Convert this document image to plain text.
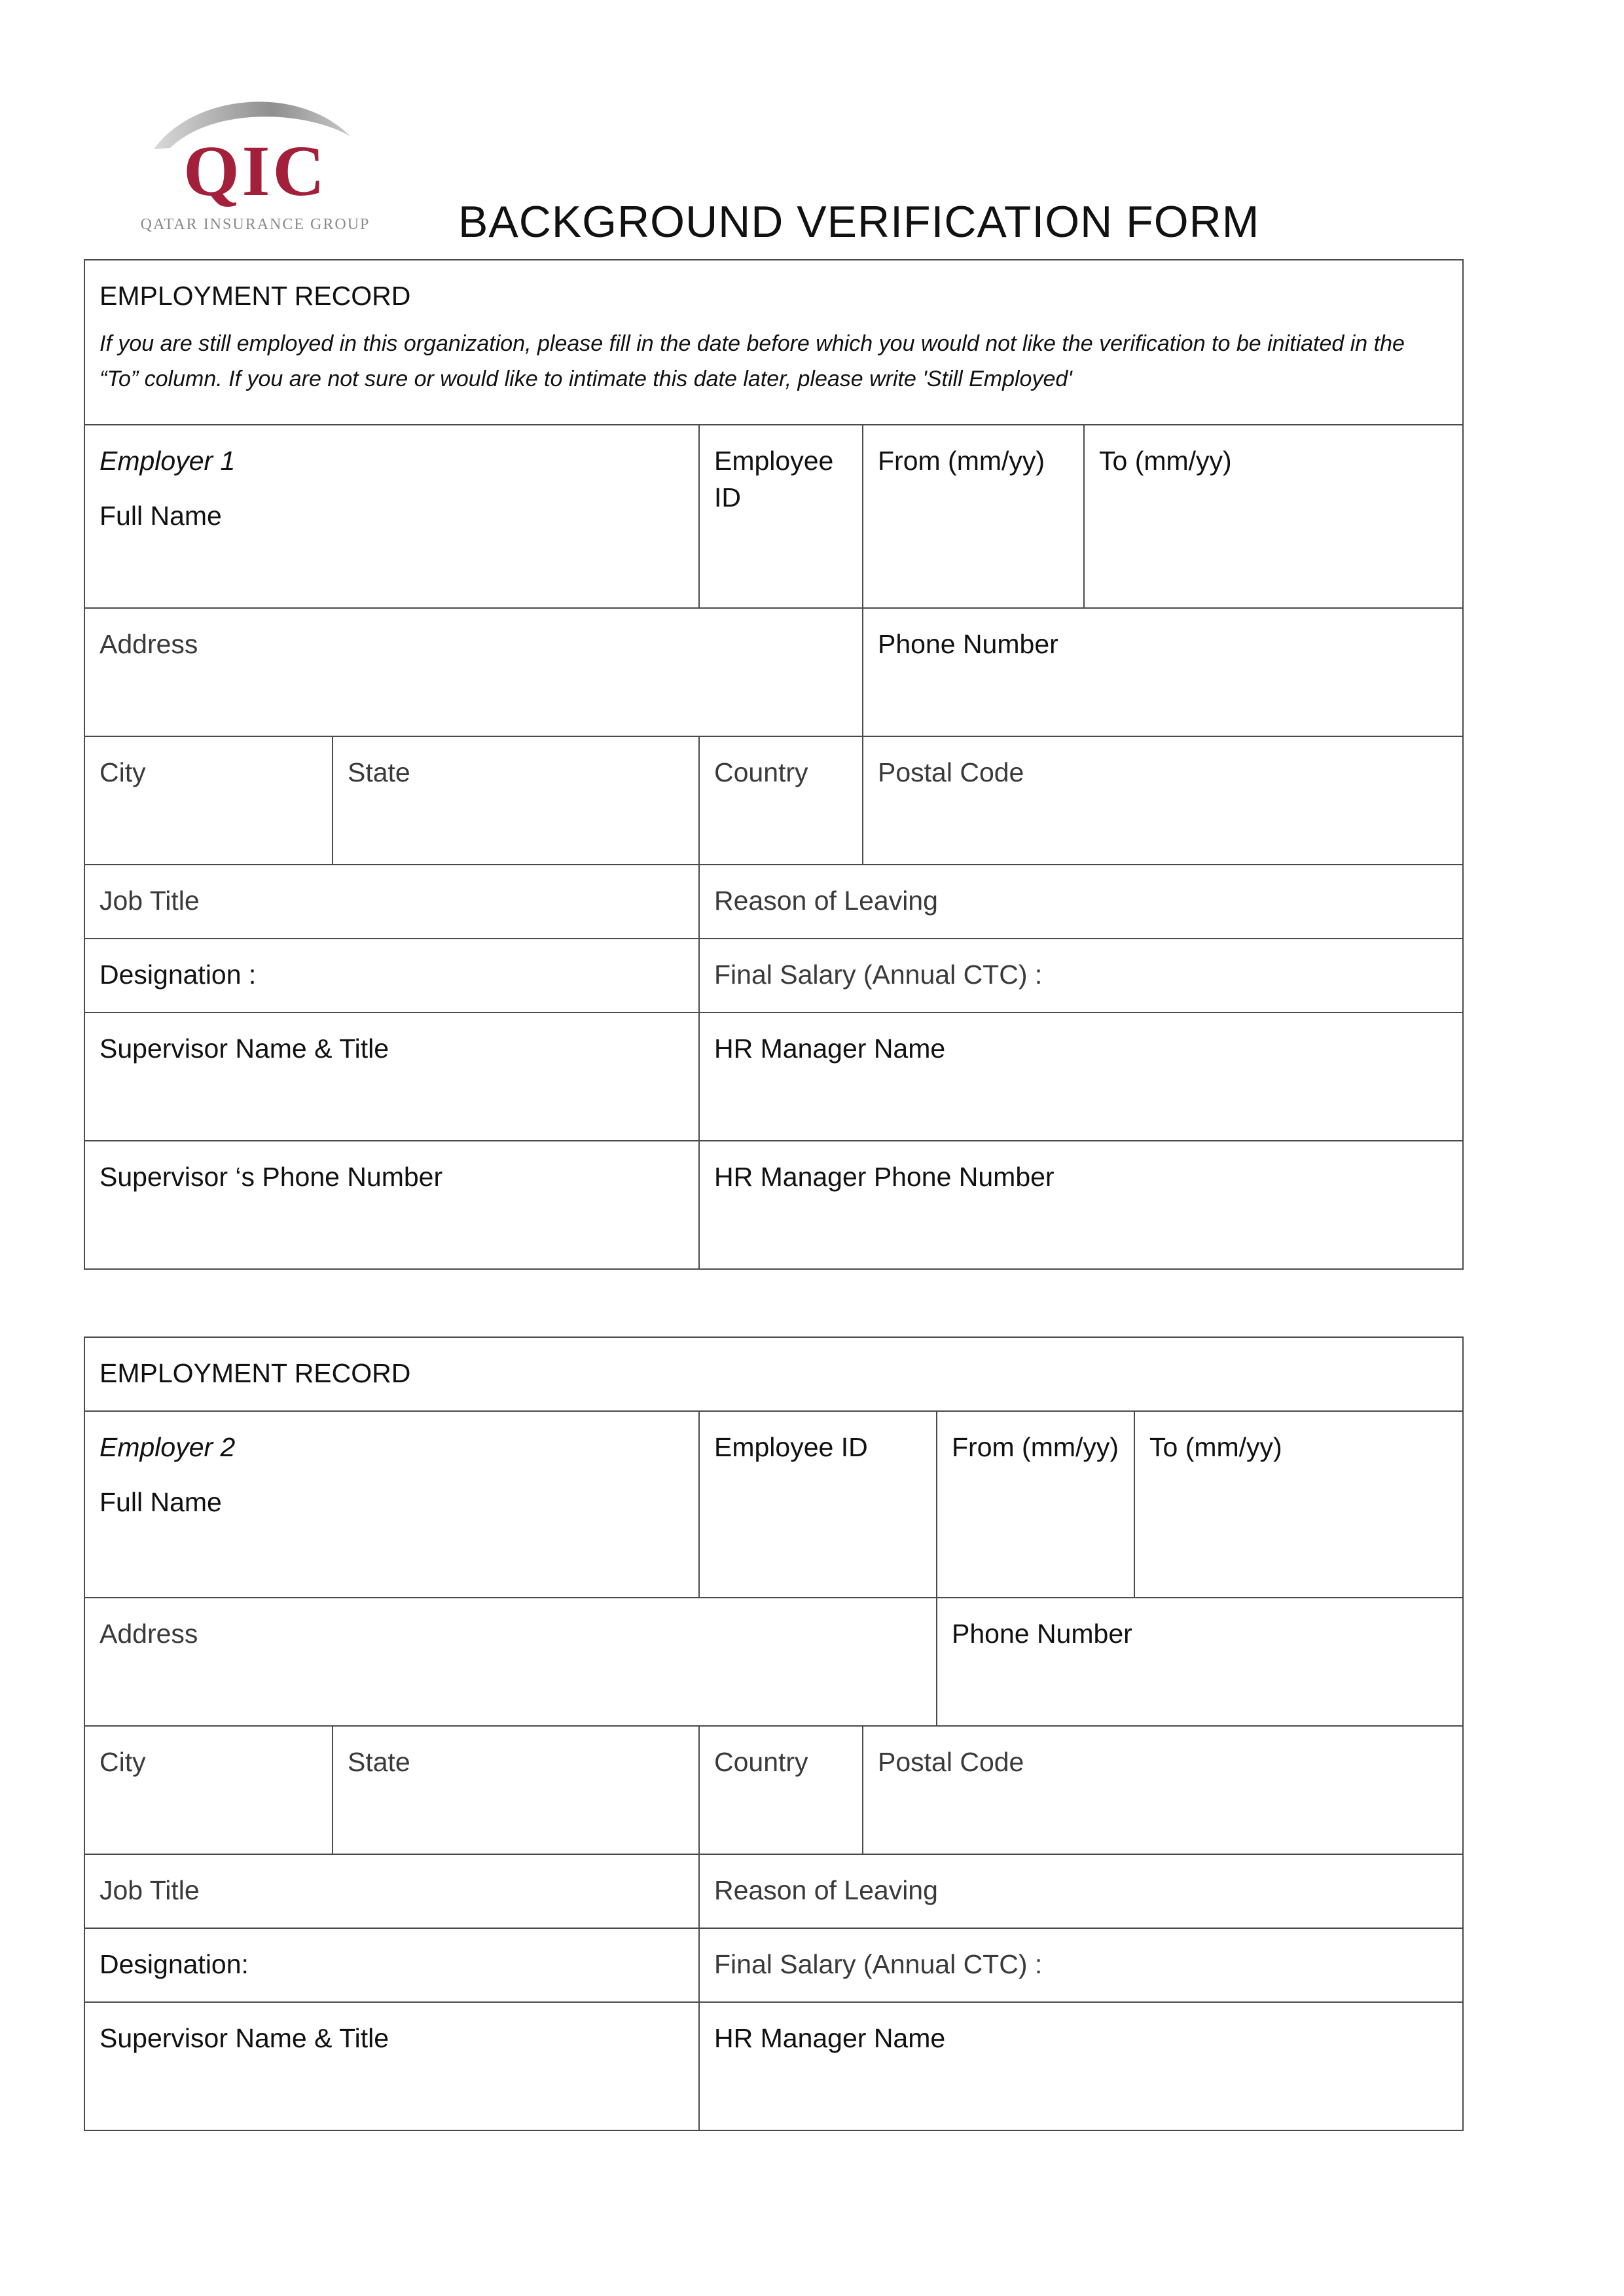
QIC
QATAR INSURANCE GROUP BACKGROUND VERIFICATION FORM
EMPLOYMENT RECORD
If you are still employed in this organization, please fill in the date before which you would not like the verification to be initiated in the “To” column. If you are not sure or would like to intimate this date later, please write 'Still Employed'				

Employer 1
Full Name		Employee ID	From (mm/yy)	To (mm/yy)

Address			Phone Number	

City	State	Country	Postal Code	

Job Title		Reason of Leaving		

Designation :		Final Salary (Annual CTC) :		

Supervisor Name & Title		HR Manager Name		

Supervisor ‘s Phone Number		HR Manager Phone Number		
EMPLOYMENT RECORD					

Employer 2
Full Name		Employee ID		From (mm/yy)	To (mm/yy)

Address				Phone Number	

City	State	Country	Postal Code		

Job Title		Reason of Leaving			

Designation:		Final Salary (Annual CTC) :			

Supervisor Name & Title		HR Manager Name			
